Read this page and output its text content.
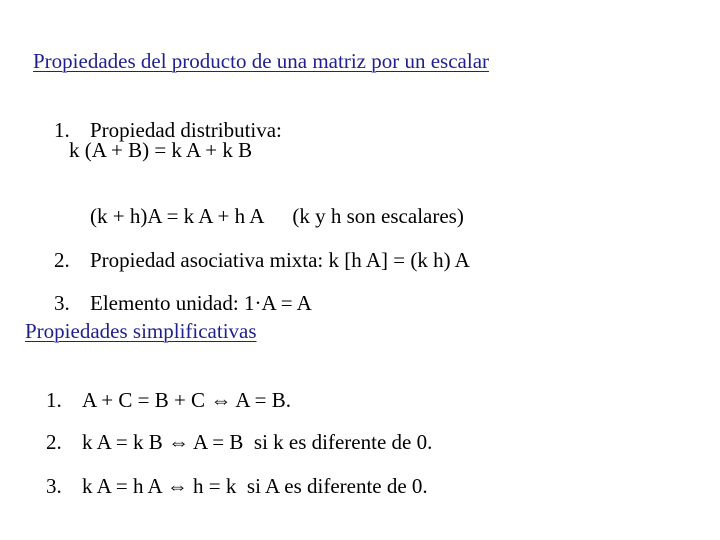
Propiedades del producto de una matriz por un escalar

1. Propiedad distributiva:

k (A + B) = k A + k B

(k + h)A = k A + h A (k y h son escalares)

2. Propiedad asociativa mixta: k [h A] = (k h) A

3. Elemento unidad: 1·A = A

Propiedades simplificativas

1. A + C = B + C ⇔ A = B.

2. k A = k B ⇔ A = B  si k es diferente de 0.

3. k A = h A ⇔ h = k  si A es diferente de 0.
